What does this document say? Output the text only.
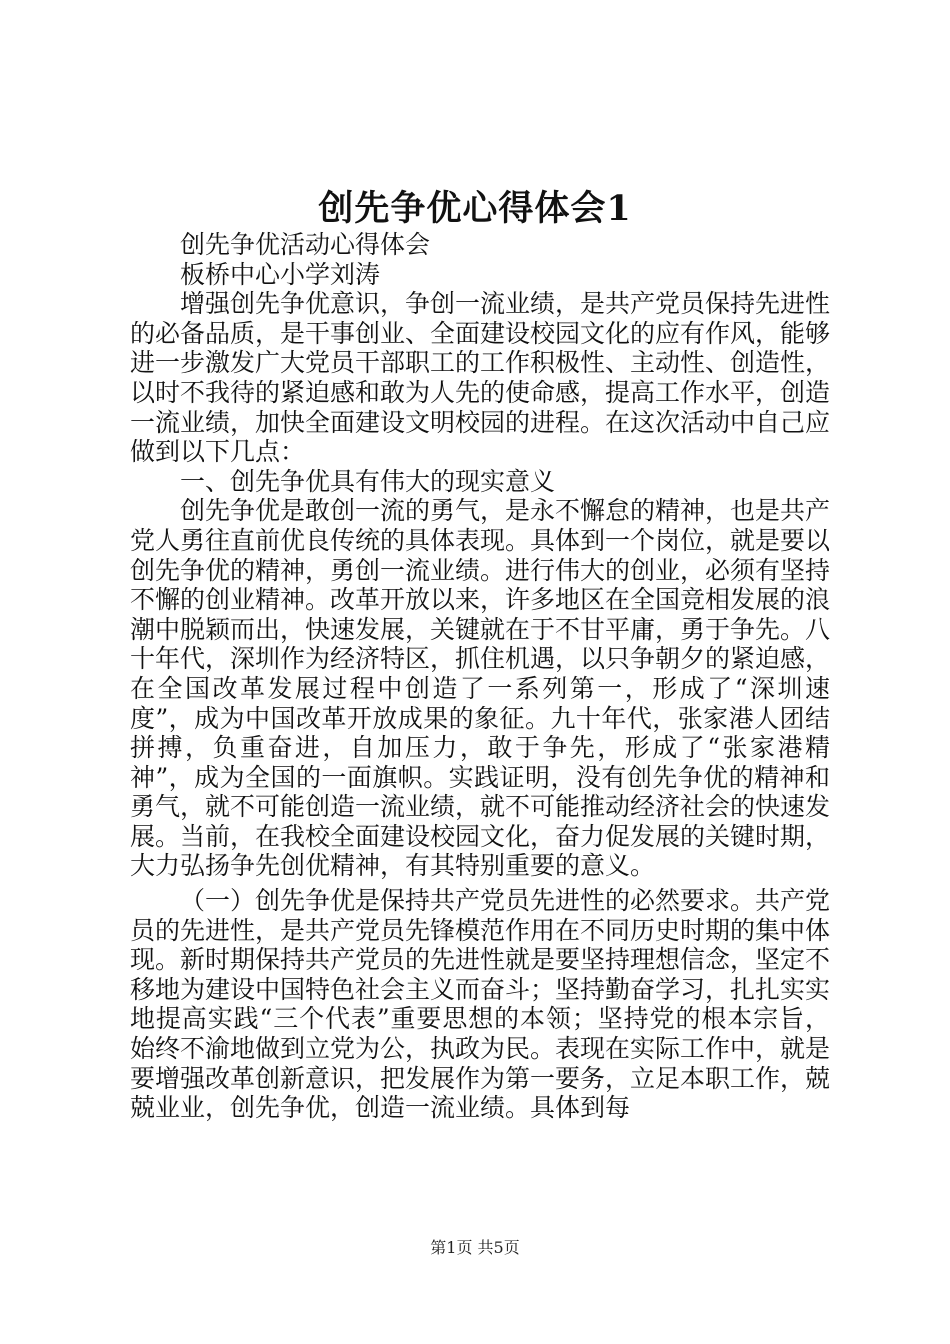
创先争优心得体会1

创先争优活动心得体会

板桥中心小学刘涛

增强创先争优意识，争创一流业绩，是共产党员保持先进性的必备品质，是干事创业、全面建设校园文化的应有作风，能够进一步激发广大党员干部职工的工作积极性、主动性、创造性，以时不我待的紧迫感和敢为人先的使命感，提高工作水平，创造一流业绩，加快全面建设文明校园的进程。在这次活动中自己应做到以下几点：

一、创先争优具有伟大的现实意义

创先争优是敢创一流的勇气，是永不懈怠的精神，也是共产党人勇往直前优良传统的具体表现。具体到一个岗位，就是要以创先争优的精神，勇创一流业绩。进行伟大的创业，必须有坚持不懈的创业精神。改革开放以来，许多地区在全国竞相发展的浪潮中脱颖而出，快速发展，关键就在于不甘平庸，勇于争先。八十年代，深圳作为经济特区，抓住机遇，以只争朝夕的紧迫感，在全国改革发展过程中创造了一系列第一，形成了“深圳速度”，成为中国改革开放成果的象征。九十年代，张家港人团结拼搏，负重奋进，自加压力，敢于争先，形成了“张家港精神”，成为全国的一面旗帜。实践证明，没有创先争优的精神和勇气，就不可能创造一流业绩，就不可能推动经济社会的快速发展。当前，在我校全面建设校园文化，奋力促发展的关键时期，大力弘扬争先创优精神，有其特别重要的意义。

（一）创先争优是保持共产党员先进性的必然要求。共产党员的先进性，是共产党员先锋模范作用在不同历史时期的集中体现。新时期保持共产党员的先进性就是要坚持理想信念，坚定不移地为建设中国特色社会主义而奋斗；坚持勤奋学习，扎扎实实地提高实践“三个代表”重要思想的本领；坚持党的根本宗旨，始终不渝地做到立党为公，执政为民。表现在实际工作中，就是要增强改革创新意识，把发展作为第一要务，立足本职工作，兢兢业业，创先争优，创造一流业绩。具体到每

第1页 共5页
